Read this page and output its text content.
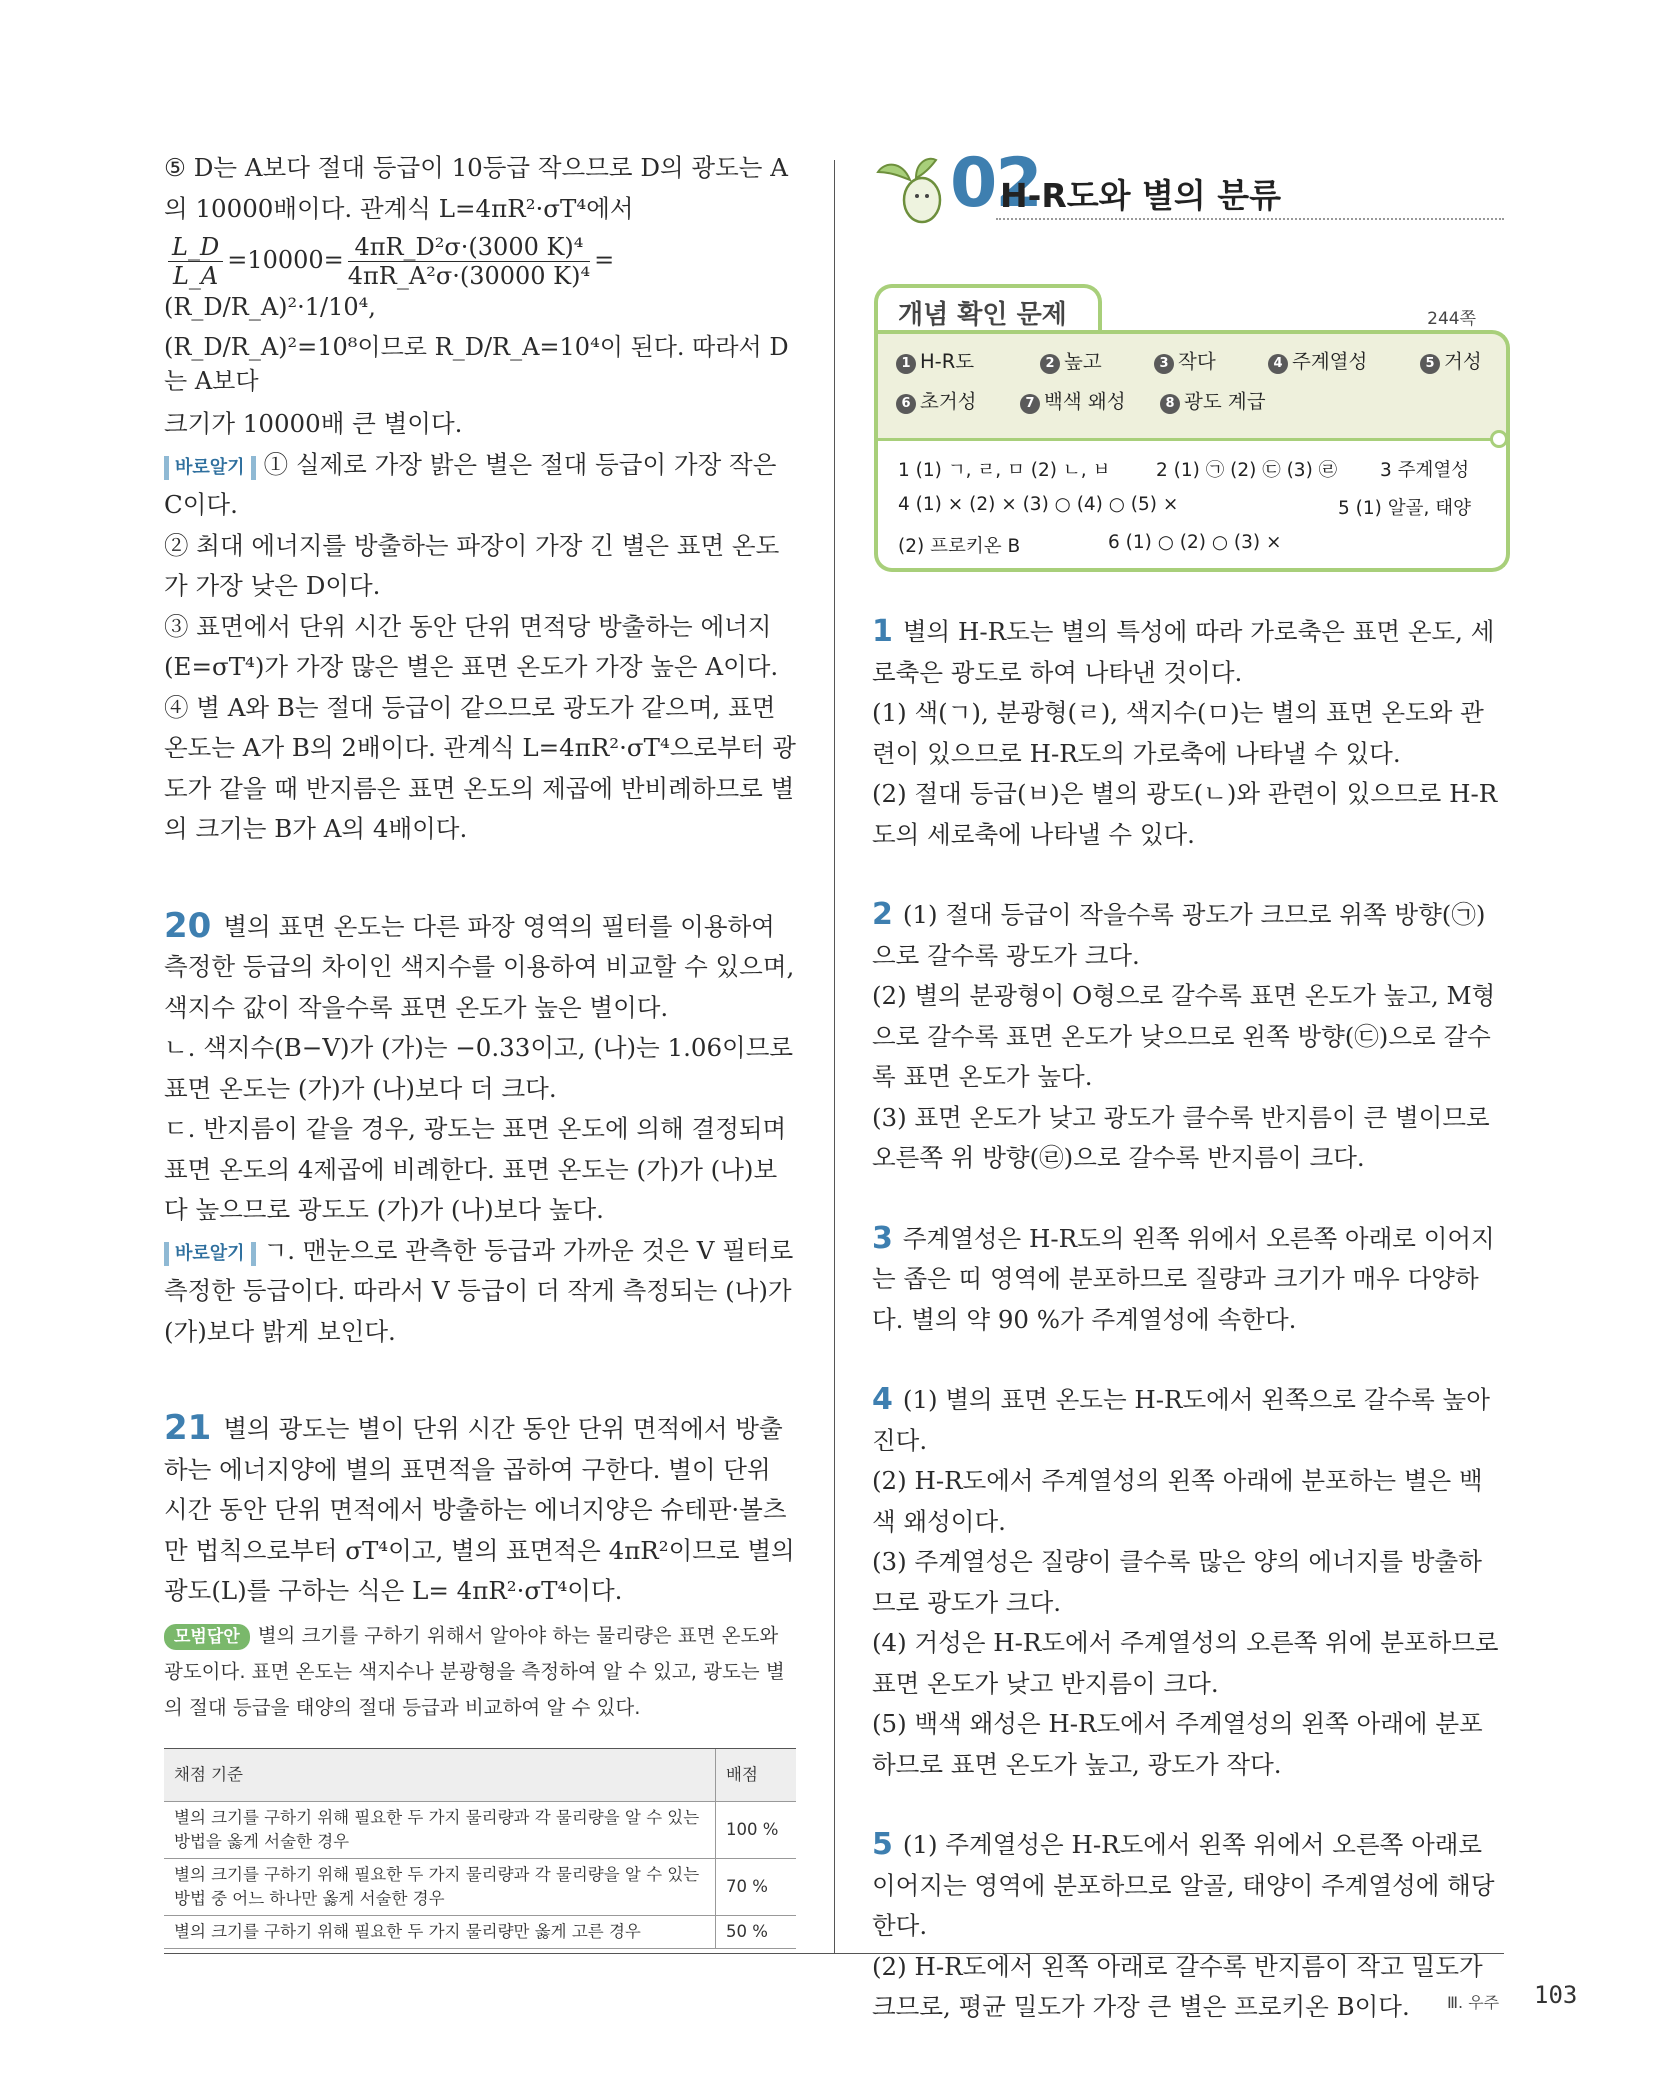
⑤ D는 A보다 절대 등급이 10등급 작으므로 D의 광도는 A의 10000배이다. 관계식 L=4πR²·σT⁴에서

$\frac{L\_D}{L\_A} =10000= \frac{\text{4πR\_D²σ·(3000 K)⁴}}{\text{4πR\_A²σ·(30000 K)⁴}}$ =(R_D/R_A)²·1/10⁴,
(R_D/R_A)²=10⁸이므로 R_D/R_A=10⁴이 된다. 따라서 D는 A보다

크기가 10000배 큰 별이다.

바로알기 ① 실제로 가장 밝은 별은 절대 등급이 가장 작은 C이다.

② 최대 에너지를 방출하는 파장이 가장 긴 별은 표면 온도가 가장 낮은 D이다.

③ 표면에서 단위 시간 동안 단위 면적당 방출하는 에너지(E=σT⁴)가 가장 많은 별은 표면 온도가 가장 높은 A이다.

④ 별 A와 B는 절대 등급이 같으므로 광도가 같으며, 표면 온도는 A가 B의 2배이다. 관계식 L=4πR²·σT⁴으로부터 광도가 같을 때 반지름은 표면 온도의 제곱에 반비례하므로 별의 크기는 B가 A의 4배이다.

20 별의 표면 온도는 다른 파장 영역의 필터를 이용하여 측정한 등급의 차이인 색지수를 이용하여 비교할 수 있으며, 색지수 값이 작을수록 표면 온도가 높은 별이다.

ㄴ. 색지수(B−V)가 (가)는 −0.33이고, (나)는 1.06이므로 표면 온도는 (가)가 (나)보다 더 크다.

ㄷ. 반지름이 같을 경우, 광도는 표면 온도에 의해 결정되며 표면 온도의 4제곱에 비례한다. 표면 온도는 (가)가 (나)보다 높으므로 광도도 (가)가 (나)보다 높다.

바로알기 ㄱ. 맨눈으로 관측한 등급과 가까운 것은 V 필터로 측정한 등급이다. 따라서 V 등급이 더 작게 측정되는 (나)가 (가)보다 밝게 보인다.

21 별의 광도는 별이 단위 시간 동안 단위 면적에서 방출하는 에너지양에 별의 표면적을 곱하여 구한다. 별이 단위 시간 동안 단위 면적에서 방출하는 에너지양은 슈테판·볼츠만 법칙으로부터 σT⁴이고, 별의 표면적은 4πR²이므로 별의 광도(L)를 구하는 식은 L= 4πR²·σT⁴이다.

모범답안 별의 크기를 구하기 위해서 알아야 하는 물리량은 표면 온도와 광도이다. 표면 온도는 색지수나 분광형을 측정하여 알 수 있고, 광도는 별의 절대 등급을 태양의 절대 등급과 비교하여 알 수 있다.

채점 기준	배점
별의 크기를 구하기 위해 필요한 두 가지 물리량과 각 물리량을 알 수 있는 방법을 옳게 서술한 경우	100 %
별의 크기를 구하기 위해 필요한 두 가지 물리량과 각 물리량을 알 수 있는 방법 중 어느 하나만 옳게 서술한 경우	70 %
별의 크기를 구하기 위해 필요한 두 가지 물리량만 옳게 고른 경우	50 %
02
H-R도와 별의 분류
개념 확인 문제	244쪽
1 H-R도	2 높고	3 작다	4 주계열성	5 거성
6 초거성	7 백색 왜성	8 광도 계급
1 (1) ㄱ, ㄹ, ㅁ (2) ㄴ, ㅂ 2 (1) ㉠ (2) ㉢ (3) ㉣ 3 주계열성
4 (1) × (2) × (3) ○ (4) ○ (5) ×	5 (1) 알골, 태양
(2) 프로키온 B	6 (1) ○ (2) ○ (3) ×

1 별의 H-R도는 별의 특성에 따라 가로축은 표면 온도, 세로축은 광도로 하여 나타낸 것이다.

(1) 색(ㄱ), 분광형(ㄹ), 색지수(ㅁ)는 별의 표면 온도와 관련이 있으므로 H-R도의 가로축에 나타낼 수 있다.

(2) 절대 등급(ㅂ)은 별의 광도(ㄴ)와 관련이 있으므로 H-R도의 세로축에 나타낼 수 있다.

2 (1) 절대 등급이 작을수록 광도가 크므로 위쪽 방향(㉠)으로 갈수록 광도가 크다.

(2) 별의 분광형이 O형으로 갈수록 표면 온도가 높고, M형으로 갈수록 표면 온도가 낮으므로 왼쪽 방향(㉢)으로 갈수록 표면 온도가 높다.

(3) 표면 온도가 낮고 광도가 클수록 반지름이 큰 별이므로 오른쪽 위 방향(㉣)으로 갈수록 반지름이 크다.

3 주계열성은 H-R도의 왼쪽 위에서 오른쪽 아래로 이어지는 좁은 띠 영역에 분포하므로 질량과 크기가 매우 다양하다. 별의 약 90 %가 주계열성에 속한다.

4 (1) 별의 표면 온도는 H-R도에서 왼쪽으로 갈수록 높아진다.

(2) H-R도에서 주계열성의 왼쪽 아래에 분포하는 별은 백색 왜성이다.

(3) 주계열성은 질량이 클수록 많은 양의 에너지를 방출하므로 광도가 크다.

(4) 거성은 H-R도에서 주계열성의 오른쪽 위에 분포하므로 표면 온도가 낮고 반지름이 크다.

(5) 백색 왜성은 H-R도에서 주계열성의 왼쪽 아래에 분포하므로 표면 온도가 높고, 광도가 작다.

5 (1) 주계열성은 H-R도에서 왼쪽 위에서 오른쪽 아래로 이어지는 영역에 분포하므로 알골, 태양이 주계열성에 해당한다.

(2) H-R도에서 왼쪽 아래로 갈수록 반지름이 작고 밀도가 크므로, 평균 밀도가 가장 큰 별은 프로키온 B이다.	Ⅲ. 우주 103
